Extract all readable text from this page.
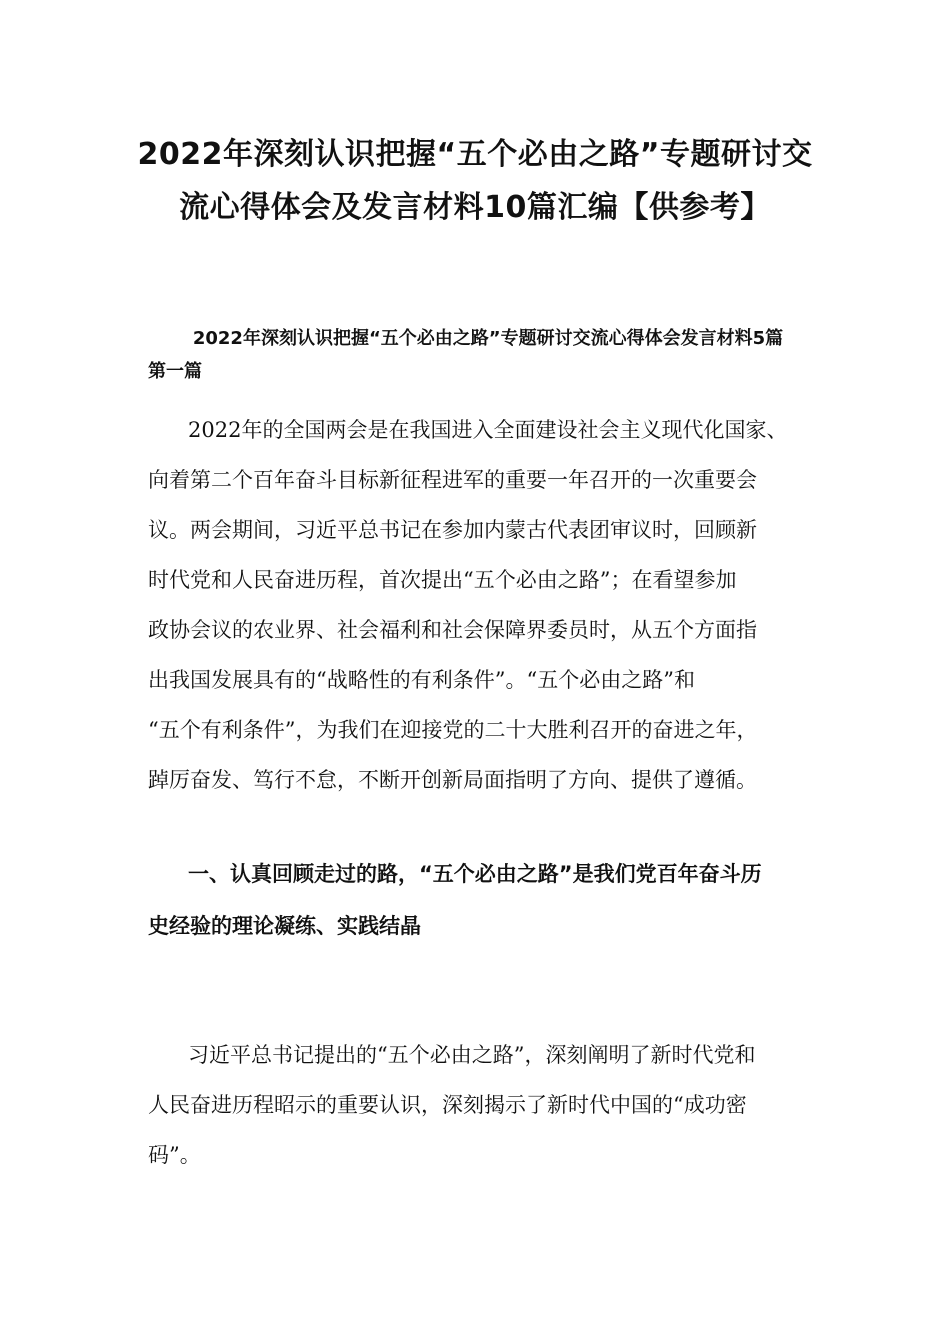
2022年深刻认识把握“五个必由之路”专题研讨交
流心得体会及发言材料10篇汇编【供参考】
2022年深刻认识把握“五个必由之路”专题研讨交流心得体会发言材料5篇
第一篇

2022年的全国两会是在我国进入全面建设社会主义现代化国家、
向着第二个百年奋斗目标新征程进军的重要一年召开的一次重要会
议。两会期间，习近平总书记在参加内蒙古代表团审议时，回顾新
时代党和人民奋进历程，首次提出“五个必由之路”；在看望参加
政协会议的农业界、社会福利和社会保障界委员时，从五个方面指
出我国发展具有的“战略性的有利条件”。“五个必由之路”和
“五个有利条件”，为我们在迎接党的二十大胜利召开的奋进之年，
踔厉奋发、笃行不怠，不断开创新局面指明了方向、提供了遵循。

一、认真回顾走过的路，“五个必由之路”是我们党百年奋斗历
史经验的理论凝练、实践结晶

习近平总书记提出的“五个必由之路”，深刻阐明了新时代党和
人民奋进历程昭示的重要认识，深刻揭示了新时代中国的“成功密
码”。
